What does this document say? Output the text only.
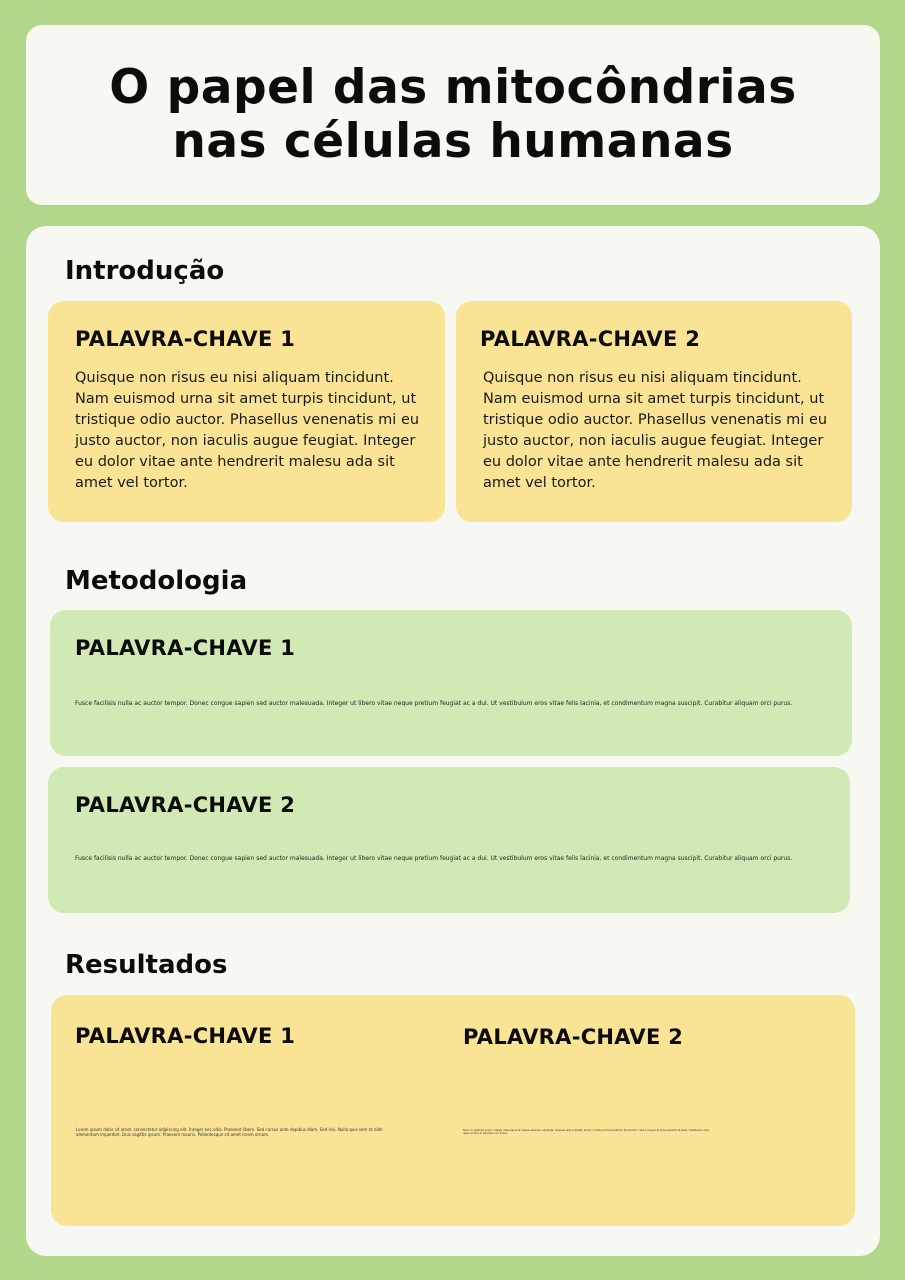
O papel das mitocôndrias
nas células humanas
Introdução
PALAVRA-CHAVE 1

Quisque non risus eu nisi aliquam tincidunt. Nam euismod urna sit amet turpis tincidunt, ut tristique odio auctor. Phasellus venenatis mi eu justo auctor, non iaculis augue feugiat. Integer eu dolor vitae ante hendrerit malesu ada sit amet vel tortor.

PALAVRA-CHAVE 2

Quisque non risus eu nisi aliquam tincidunt. Nam euismod urna sit amet turpis tincidunt, ut tristique odio auctor. Phasellus venenatis mi eu justo auctor, non iaculis augue feugiat. Integer eu dolor vitae ante hendrerit malesu ada sit amet vel tortor.

Metodologia
PALAVRA-CHAVE 1

Fusce facilisis nulla ac auctor tempor. Donec congue sapien sed auctor malesuada. Integer ut libero vitae neque pretium feugiat ac a dui. Ut vestibulum eros vitae felis lacinia, et condimentum magna suscipit. Curabitur aliquam orci purus.

PALAVRA-CHAVE 2

Fusce facilisis nulla ac auctor tempor. Donec congue sapien sed auctor malesuada. Integer ut libero vitae neque pretium feugiat ac a dui. Ut vestibulum eros vitae felis lacinia, et condimentum magna suscipit. Curabitur aliquam orci purus.

Resultados
PALAVRA-CHAVE 1

Lorem ipsum dolor sit amet, consectetur adipiscing elit. Integer nec odio. Praesent libero. Sed cursus ante dapibus diam. Sed nisi. Nulla quis sem at nibh elementum imperdiet. Duis sagittis ipsum. Praesent mauris. Pellentesque sit amet lorem ornare.

PALAVRA-CHAVE 2

Nunc ac eleifend quam. Integer vitae ligula at massa vehicula vulputate. Aliquam erat volutpat. Donec in tellus et risus pretium fermentum. Sed a magna at ante pharetra facilisis. Vestibulum ante ipsum primis in faucibus orci luctus.
